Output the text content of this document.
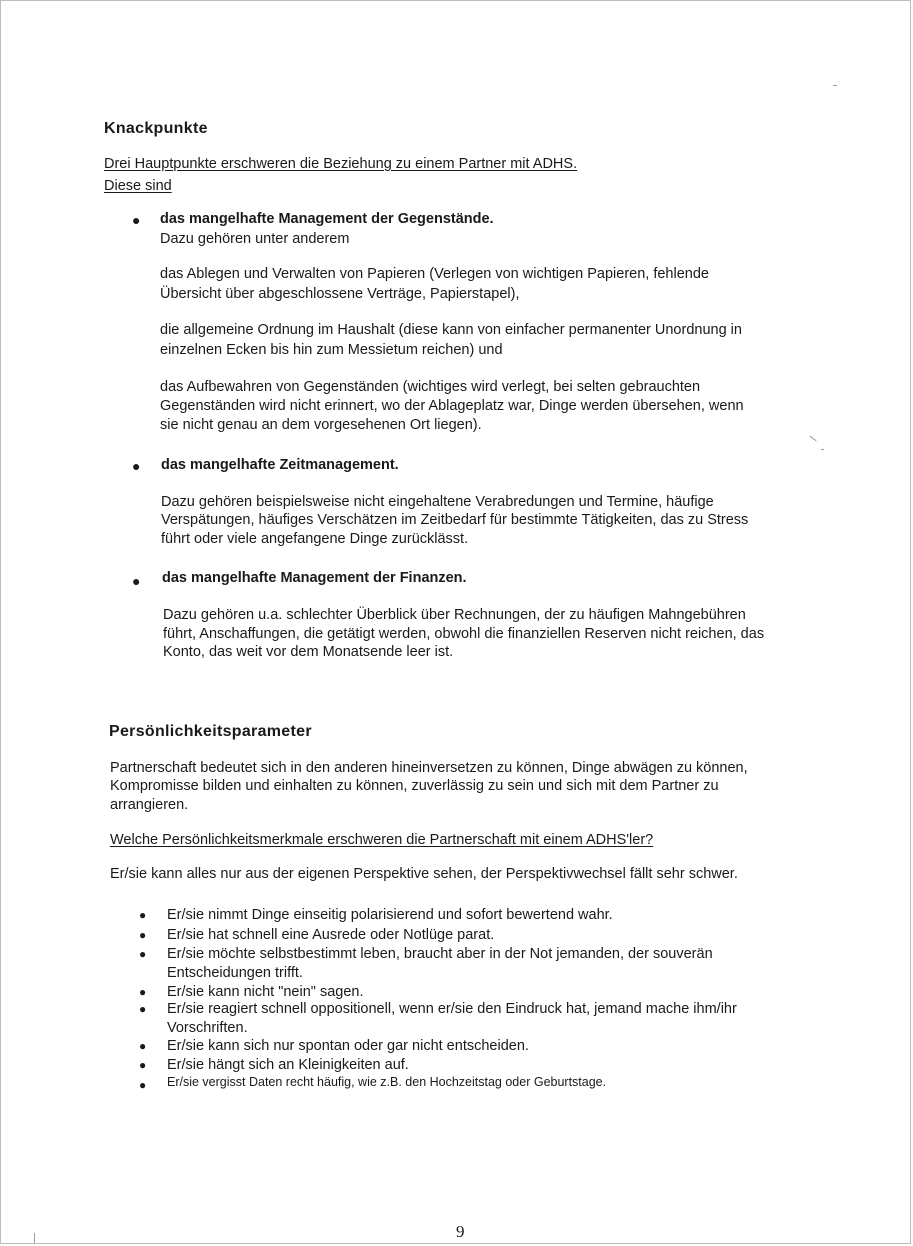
Knackpunkte
Drei Hauptpunkte erschweren die Beziehung zu einem Partner mit ADHS.
Diese sind
● das mangelhafte Management der Gegenstände.
Dazu gehören unter anderem
das Ablegen und Verwalten von Papieren (Verlegen von wichtigen Papieren, fehlende
Übersicht über abgeschlossene Verträge, Papierstapel),
die allgemeine Ordnung im Haushalt (diese kann von einfacher permanenter Unordnung in
einzelnen Ecken bis hin zum Messietum reichen) und
das Aufbewahren von Gegenständen (wichtiges wird verlegt, bei selten gebrauchten
Gegenständen wird nicht erinnert, wo der Ablageplatz war, Dinge werden übersehen, wenn
sie nicht genau an dem vorgesehenen Ort liegen).
● das mangelhafte Zeitmanagement.
Dazu gehören beispielsweise nicht eingehaltene Verabredungen und Termine, häufige
Verspätungen, häufiges Verschätzen im Zeitbedarf für bestimmte Tätigkeiten, das zu Stress
führt oder viele angefangene Dinge zurücklässt.
● das mangelhafte Management der Finanzen.
Dazu gehören u.a. schlechter Überblick über Rechnungen, der zu häufigen Mahngebühren
führt, Anschaffungen, die getätigt werden, obwohl die finanziellen Reserven nicht reichen, das
Konto, das weit vor dem Monatsende leer ist.
Persönlichkeitsparameter
Partnerschaft bedeutet sich in den anderen hineinversetzen zu können, Dinge abwägen zu können,
Kompromisse bilden und einhalten zu können, zuverlässig zu sein und sich mit dem Partner zu
arrangieren.
Welche Persönlichkeitsmerkmale erschweren die Partnerschaft mit einem ADHS'ler?
Er/sie kann alles nur aus der eigenen Perspektive sehen, der Perspektivwechsel fällt sehr schwer.
● Er/sie nimmt Dinge einseitig polarisierend und sofort bewertend wahr.
● Er/sie hat schnell eine Ausrede oder Notlüge parat.
● Er/sie möchte selbstbestimmt leben, braucht aber in der Not jemanden, der souverän
Entscheidungen trifft.
● Er/sie kann nicht "nein" sagen.
● Er/sie reagiert schnell oppositionell, wenn er/sie den Eindruck hat, jemand mache ihm/ihr
Vorschriften.
● Er/sie kann sich nur spontan oder gar nicht entscheiden.
● Er/sie hängt sich an Kleinigkeiten auf.
● Er/sie vergisst Daten recht häufig, wie z.B. den Hochzeitstag oder Geburtstage.
9
